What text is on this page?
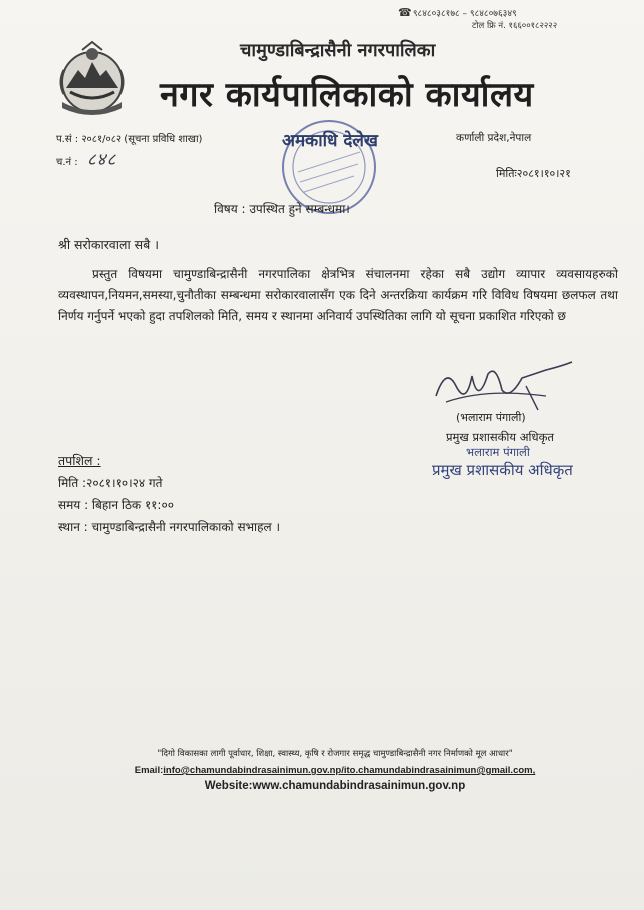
☎ ९८४८०३८१७८ – ९८४८०७६३४९
टोल फ्रि नं. १६६००१८२२२२
चामुण्डाबिन्द्रासैनी नगरपालिका
नगर कार्यपालिकाको कार्यालय
प.सं : २०८१/०८२ (सूचना प्रविधि शाखा)
च.नं : ८४८
अमकाधि देलेख	कर्णाली प्रदेश,नेपाल
मितिः२०८१।१०।२१
विषय : उपस्थित हुने सम्बन्धमा।
श्री सरोकारवाला सबै ।
प्रस्तुत विषयमा चामुण्डाबिन्द्रासैनी नगरपालिका क्षेत्रभित्र संचालनमा रहेका सबै उद्योग व्यापार व्यवसायहरुको व्यवस्थापन,नियमन,समस्या,चुनौतीका सम्बन्धमा सरोकारवालासँग एक दिने अन्तरक्रिया कार्यक्रम गरि विविध विषयमा छलफल तथा निर्णय गर्नुपर्ने भएको हुदा तपशिलको मिति, समय र स्थानमा अनिवार्य उपस्थितिका लागि यो सूचना प्रकाशित गरिएको छ
(भलाराम पंगाली)
प्रमुख प्रशासकीय अधिकृत
भलाराम पंगाली
प्रमुख प्रशासकीय अधिकृत
तपशिल :
मिति :२०८१।१०।२४ गते
समय : बिहान ठिक ११:००
स्थान : चामुण्डाबिन्द्रासैनी नगरपालिकाको सभाहल ।
"दिगो विकासका लागी पूर्वाधार, शिक्षा, स्वास्थ्य, कृषि र रोजगार समृद्ध चामुण्डाबिन्द्रासैनी नगर निर्माणको मूल आधार"
Email:info@chamundabindrasainimun.gov.np/ito.chamundabindrasainimun@gmail.com,
Website:www.chamundabindrasainimun.gov.np
